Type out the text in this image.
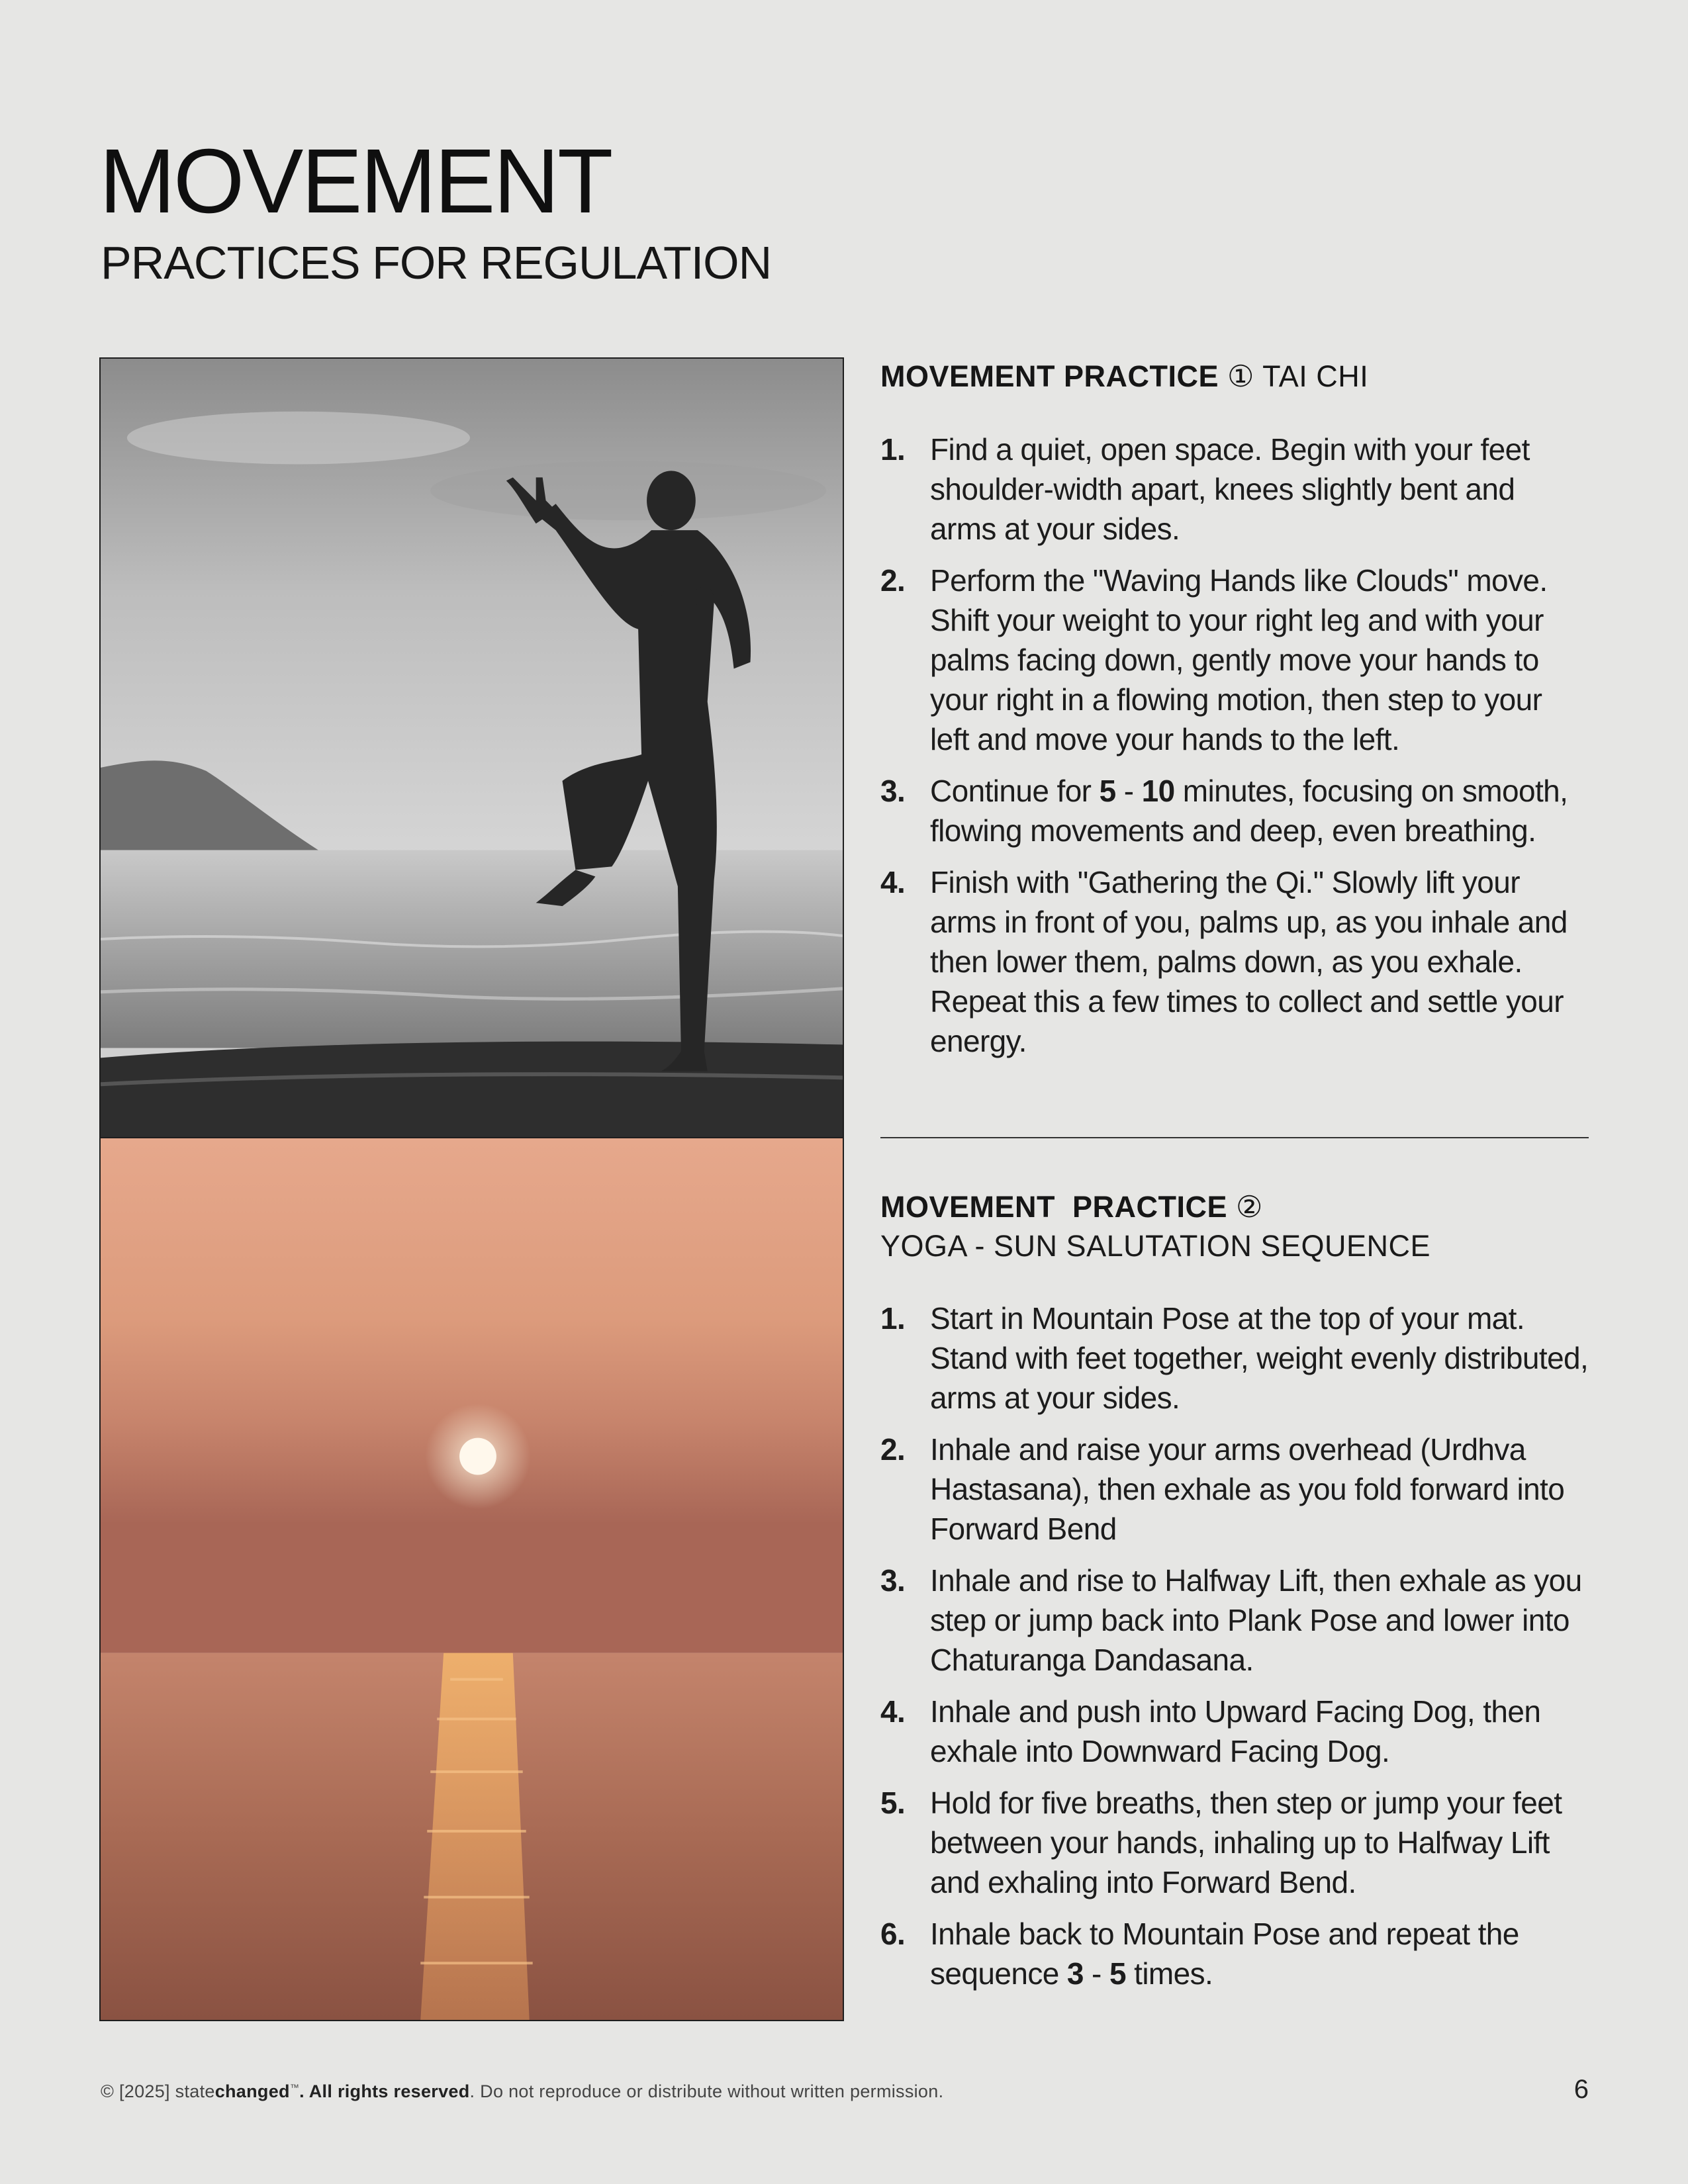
MOVEMENT
PRACTICES FOR REGULATION
MOVEMENT PRACTICE ① TAI CHI
1. Find a quiet, open space. Begin with your feet shoulder-width apart, knees slightly bent and arms at your sides.
2. Perform the "Waving Hands like Clouds" move. Shift your weight to your right leg and with your palms facing down, gently move your hands to your right in a flowing motion, then step to your left and move your hands to the left.
3. Continue for 5 - 10 minutes, focusing on smooth, flowing movements and deep, even breathing.
4. Finish with "Gathering the Qi." Slowly lift your arms in front of you, palms up, as you inhale and then lower them, palms down, as you exhale. Repeat this a few times to collect and settle your energy.
MOVEMENT  PRACTICE ②
YOGA - SUN SALUTATION SEQUENCE
1. Start in Mountain Pose at the top of your mat. Stand with feet together, weight evenly distributed, arms at your sides.
2. Inhale and raise your arms overhead (Urdhva Hastasana), then exhale as you fold forward into Forward Bend
3. Inhale and rise to Halfway Lift, then exhale as you step or jump back into Plank Pose and lower into Chaturanga Dandasana.
4. Inhale and push into Upward Facing Dog, then exhale into Downward Facing Dog.
5. Hold for five breaths, then step or jump your feet between your hands, inhaling up to Halfway Lift and exhaling into Forward Bend.
6. Inhale back to Mountain Pose and repeat the sequence 3 - 5 times.
© [2025] statechanged™. All rights reserved. Do not reproduce or distribute without written permission.	6
